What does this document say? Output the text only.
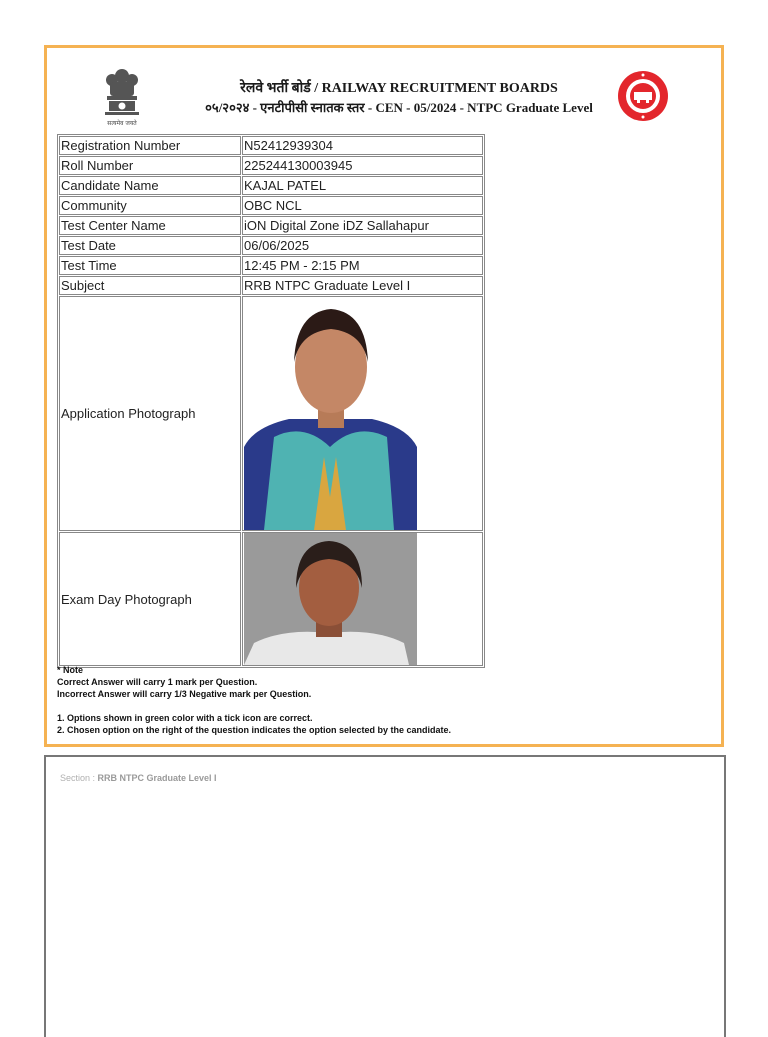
सत्यमेव जयते
रेलवे भर्ती बोर्ड / RAILWAY RECRUITMENT BOARDS
०५/२०२४ - एनटीपीसी स्नातक स्तर - CEN - 05/2024 - NTPC Graduate Level
Registration Number	N52412939304
Roll Number	225244130003945
Candidate Name	KAJAL PATEL
Community	OBC NCL
Test Center Name	iON Digital Zone iDZ Sallahapur
Test Date	06/06/2025
Test Time	12:45 PM - 2:15 PM
Subject	RRB NTPC Graduate Level I
Application Photograph	

Exam Day Photograph	
* Note
Correct Answer will carry 1 mark per Question.
Incorrect Answer will carry 1/3 Negative mark per Question.
1. Options shown in green color with a tick icon are correct.
2. Chosen option on the right of the question indicates the option selected by the candidate.
Section : RRB NTPC Graduate Level I
